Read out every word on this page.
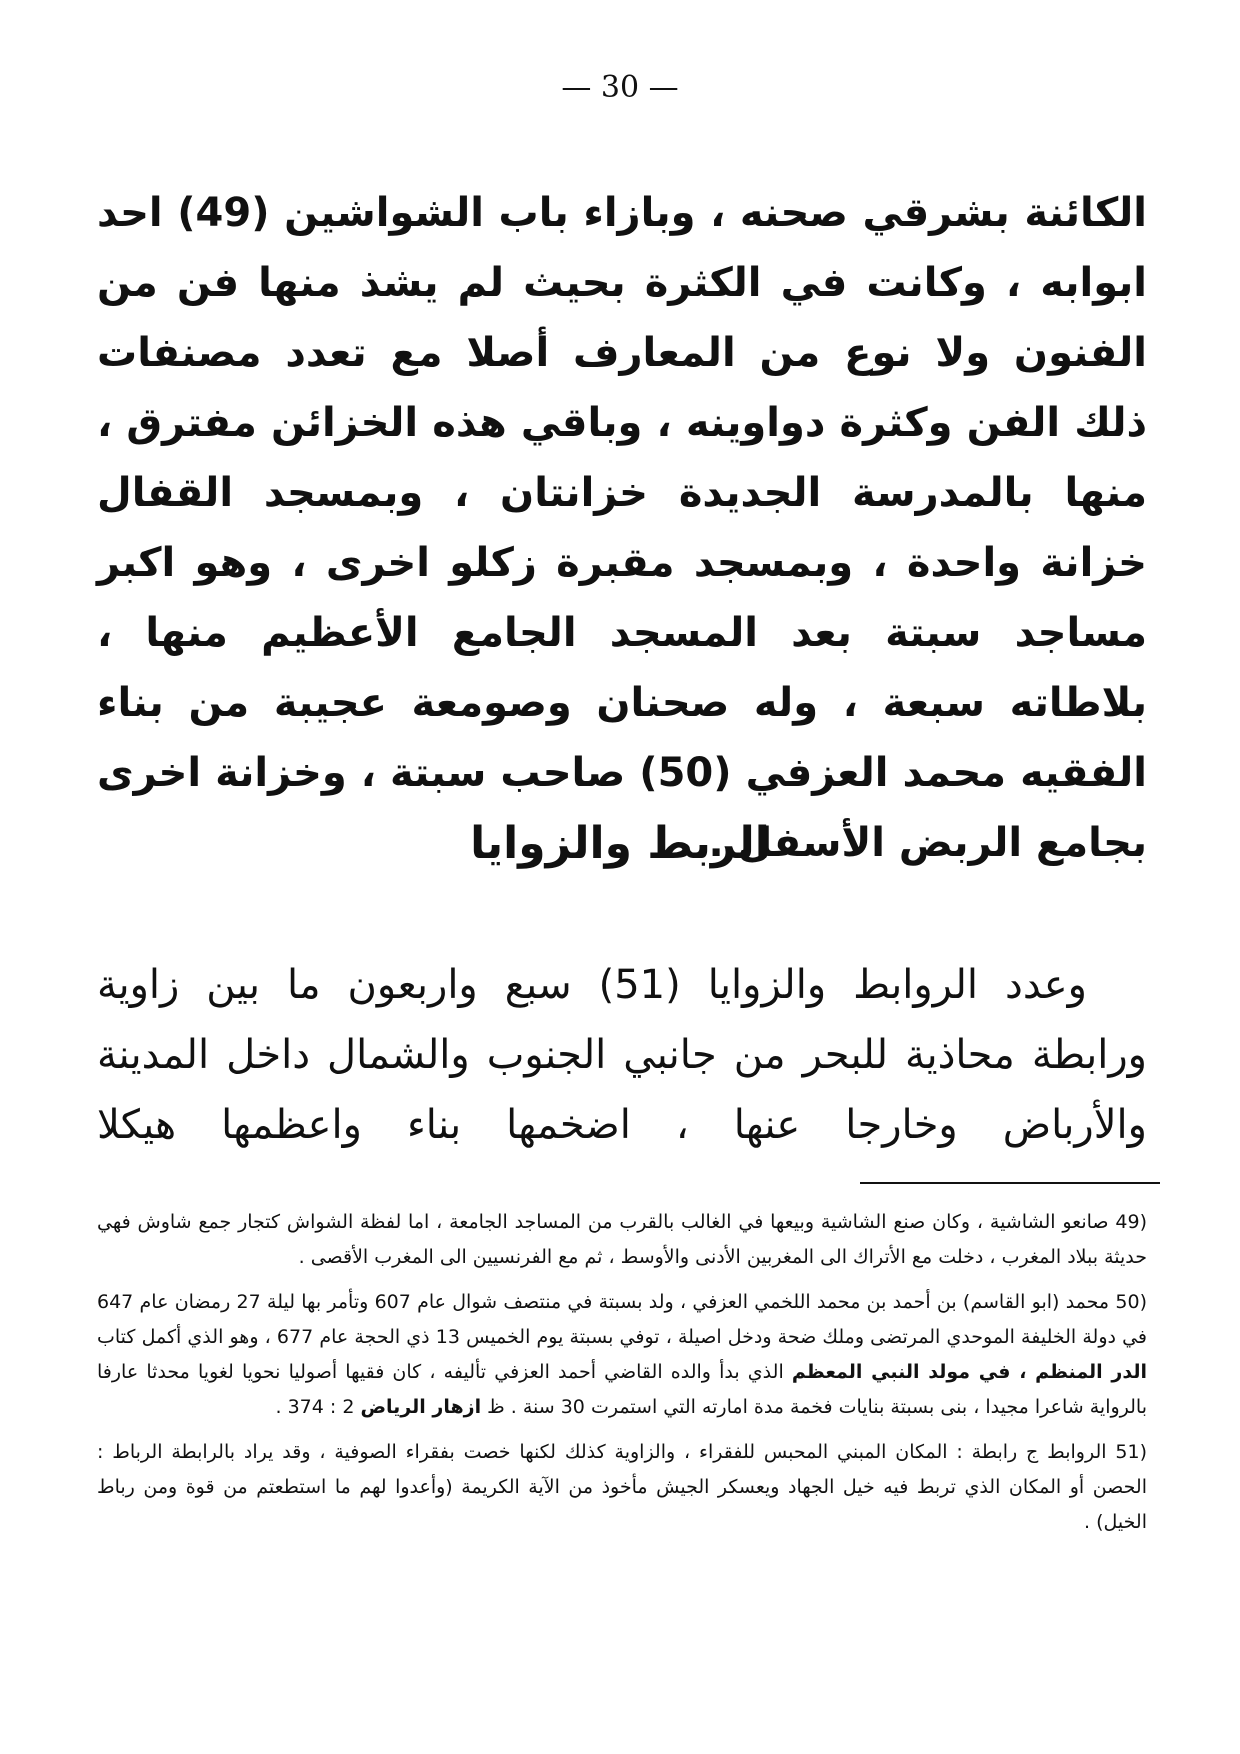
— 30 —

الكائنة بشرقي صحنه ، وبازاء باب الشواشين (49) احد ابوابه ، وكانت في الكثرة بحيث لم يشذ منها فن من الفنون ولا نوع من المعارف أصلا مع تعدد مصنفات ذلك الفن وكثرة دواوينه ، وباقي هذه الخزائن مفترق ، منها بالمدرسة الجديدة خزانتان ، وبمسجد القفال خزانة واحدة ، وبمسجد مقبرة زكلو اخرى ، وهو اكبر مساجد سبتة بعد المسجد الجامع الأعظيم منها ، بلاطاته سبعة ، وله صحنان وصومعة عجيبة من بناء الفقيه محمد العزفي (50) صاحب سبتة ، وخزانة اخرى بجامع الربض الأسفل .

الربط والزوايا

وعدد الروابط والزوايا (51) سبع واربعون ما بين زاوية ورابطة محاذية للبحر من جانبي الجنوب والشمال داخل المدينة والأرباض وخارجا عنها ، اضخمها بناء واعظمها هيكلا

(49 صانعو الشاشية ، وكان صنع الشاشية وبيعها في الغالب بالقرب من المساجد الجامعة ، اما لفظة الشواش كتجار جمع شاوش فهي حديثة ببلاد المغرب ، دخلت مع الأتراك الى المغربين الأدنى والأوسط ، ثم مع الفرنسيين الى المغرب الأقصى .

(50 محمد (ابو القاسم) بن أحمد بن محمد اللخمي العزفي ، ولد بسبتة في منتصف شوال عام 607 وتأمر بها ليلة 27 رمضان عام 647 في دولة الخليفة الموحدي المرتضى وملك ضحة ودخل اصيلة ، توفي بسبتة يوم الخميس 13 ذي الحجة عام 677 ، وهو الذي أكمل كتاب الدر المنظم ، في مولد النبي المعظم الذي بدأ والده القاضي أحمد العزفي تأليفه ، كان فقيها أصوليا نحويا لغويا محدثا عارفا بالرواية شاعرا مجيدا ، بنى بسبتة بنايات فخمة مدة امارته التي استمرت 30 سنة . ظ ازهار الرياض 2 : 374 .

(51 الروابط ج رابطة : المكان المبني المحبس للفقراء ، والزاوية كذلك لكنها خصت بفقراء الصوفية ، وقد يراد بالرابطة الرباط : الحصن أو المكان الذي تربط فيه خيل الجهاد ويعسكر الجيش مأخوذ من الآية الكريمة (وأعدوا لهم ما استطعتم من قوة ومن رباط الخيل) .
